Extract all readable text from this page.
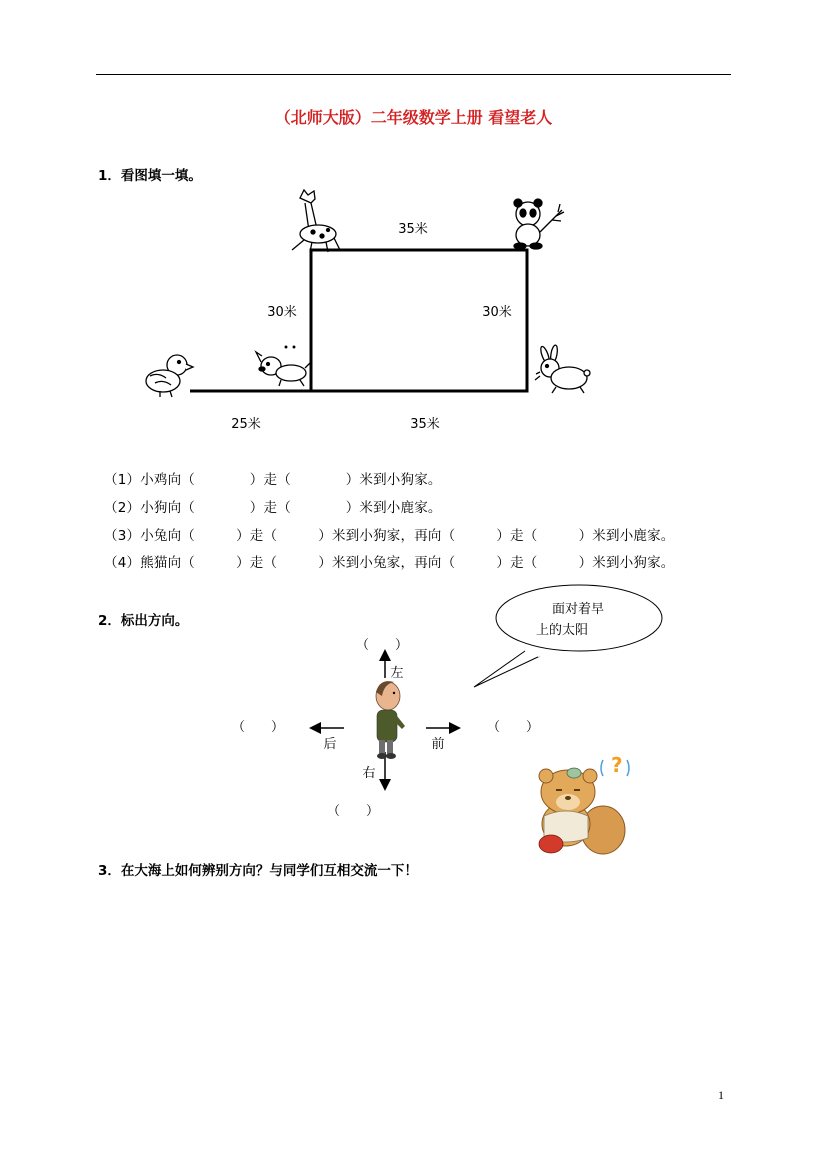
（北师大版）二年级数学上册 看望老人
1．看图填一填。
35米
30米	30米
25米	35米
（1）小鸡向（　　　　）走（　　　　）米到小狗家。
（2）小狗向（　　　　）走（　　　　）米到小鹿家。
（3）小兔向（　　　）走（　　　）米到小狗家，再向（　　　）走（　　　）米到小鹿家。
（4）熊猫向（　　　）走（　　　）米到小兔家，再向（　　　）走（　　　）米到小狗家。
2．标出方向。
面对着早
上的太阳
左
右
后	前
（　　）
（　　）	（　　）
（　　）
?
3．在大海上如何辨别方向？与同学们互相交流一下！
1
